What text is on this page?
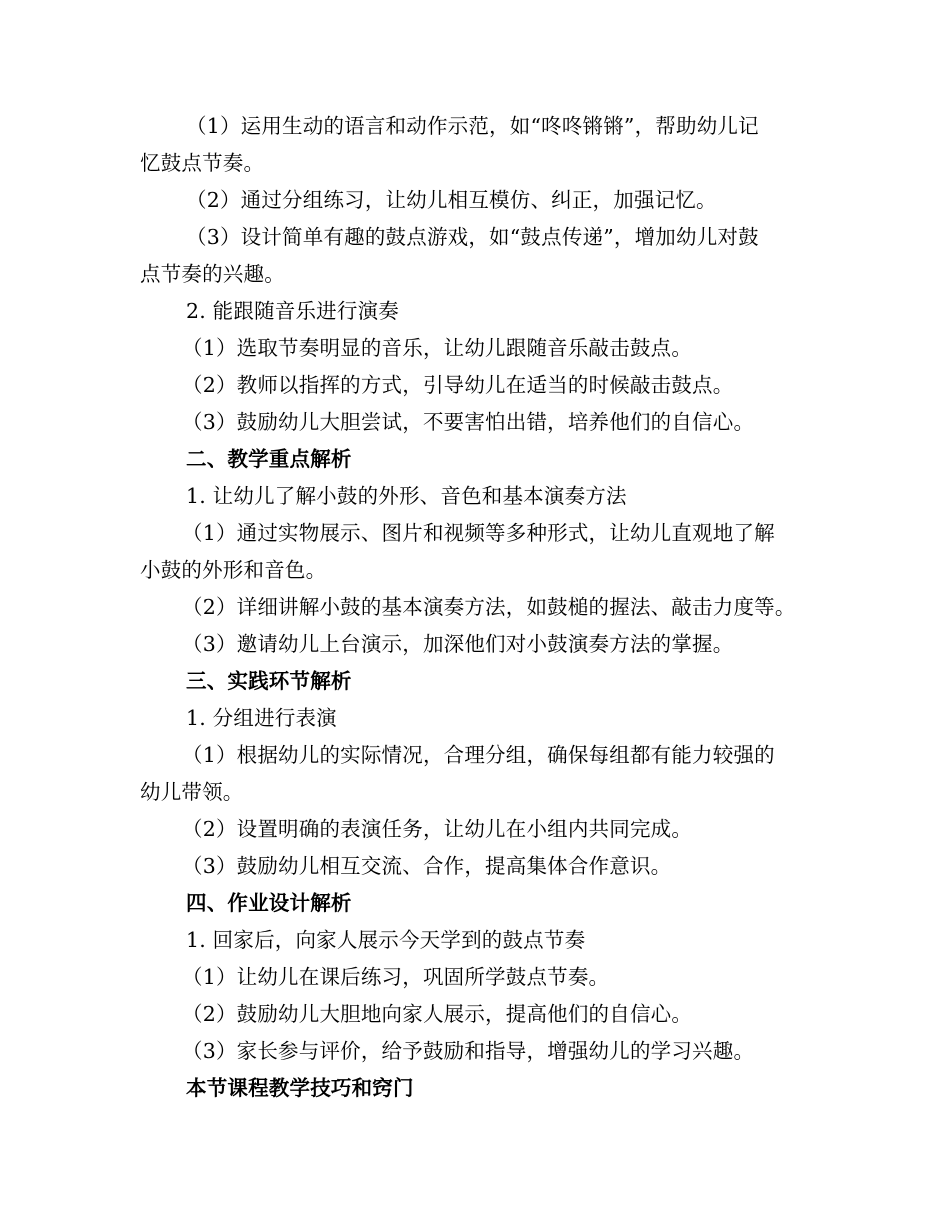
（1）运用生动的语言和动作示范，如“咚咚锵锵”，帮助幼儿记
忆鼓点节奏。
（2）通过分组练习，让幼儿相互模仿、纠正，加强记忆。
（3）设计简单有趣的鼓点游戏，如“鼓点传递”，增加幼儿对鼓
点节奏的兴趣。
2. 能跟随音乐进行演奏
（1）选取节奏明显的音乐，让幼儿跟随音乐敲击鼓点。
（2）教师以指挥的方式，引导幼儿在适当的时候敲击鼓点。
（3）鼓励幼儿大胆尝试，不要害怕出错，培养他们的自信心。
二、教学重点解析
1. 让幼儿了解小鼓的外形、音色和基本演奏方法
（1）通过实物展示、图片和视频等多种形式，让幼儿直观地了解
小鼓的外形和音色。
（2）详细讲解小鼓的基本演奏方法，如鼓槌的握法、敲击力度等。
（3）邀请幼儿上台演示，加深他们对小鼓演奏方法的掌握。
三、实践环节解析
1. 分组进行表演
（1）根据幼儿的实际情况，合理分组，确保每组都有能力较强的
幼儿带领。
（2）设置明确的表演任务，让幼儿在小组内共同完成。
（3）鼓励幼儿相互交流、合作，提高集体合作意识。
四、作业设计解析
1. 回家后，向家人展示今天学到的鼓点节奏
（1）让幼儿在课后练习，巩固所学鼓点节奏。
（2）鼓励幼儿大胆地向家人展示，提高他们的自信心。
（3）家长参与评价，给予鼓励和指导，增强幼儿的学习兴趣。
本节课程教学技巧和窍门
